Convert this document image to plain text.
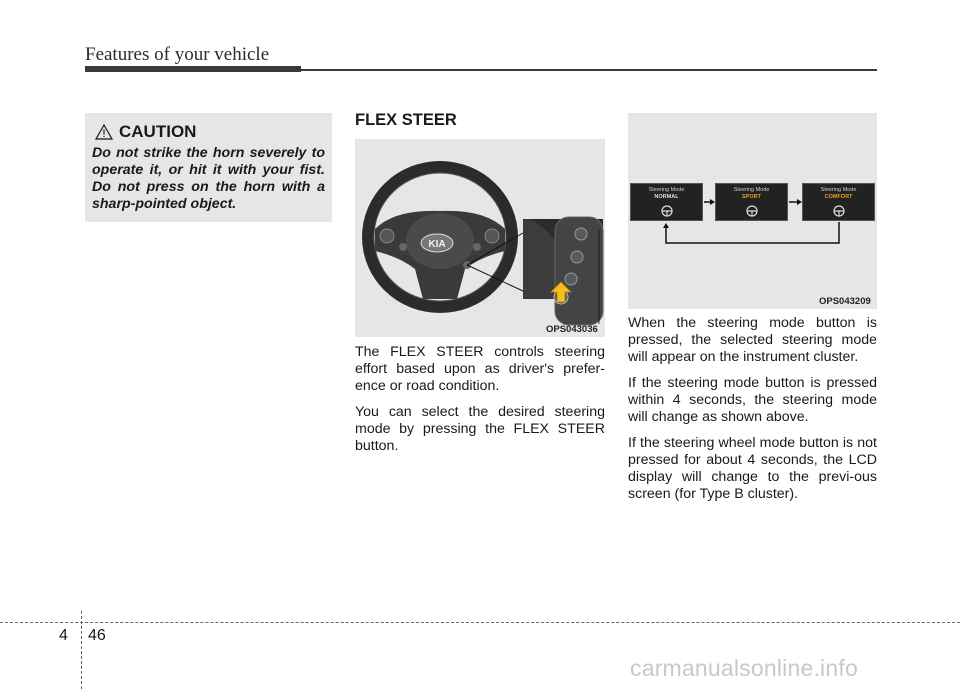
Features of your vehicle
CAUTION
Do not strike the horn severely to operate it, or hit it with your fist. Do not press on the horn with a sharp-pointed object.
FLEX STEER
KIA
OPS043036

The FLEX STEER controls steering effort based upon as driver's prefer-ence or road condition.

You can select the desired steering mode by pressing the FLEX STEER button.

Steering Mode
NORMAL
Steering Mode
SPORT
Steering Mode
COMFORT
OPS043209

When the steering mode button is pressed, the selected steering mode will appear on the instrument cluster.

If the steering mode button is pressed within 4 seconds, the steering mode will change as shown above.

If the steering wheel mode button is not pressed for about 4 seconds, the LCD display will change to the previ-ous screen (for Type B cluster).

4 46
carmanualsonline.info
